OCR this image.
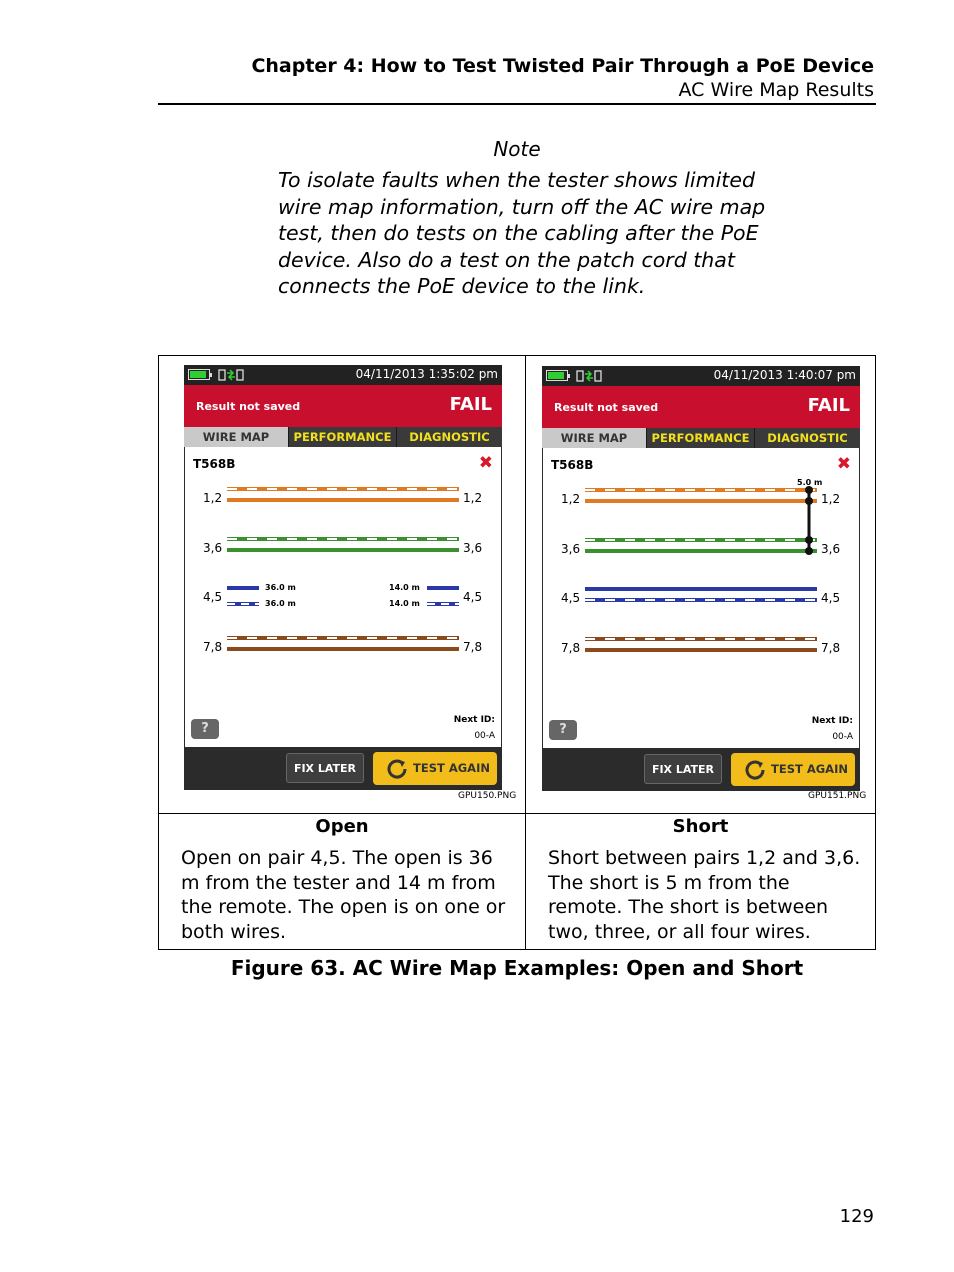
Chapter 4: How to Test Twisted Pair Through a PoE Device
AC Wire Map Results
Note
To isolate faults when the tester shows limited wire map information, turn off the AC wire map test, then do tests on the cabling after the PoE device. Also do a test on the patch cord that connects the PoE device to the link.
04/11/2013 1:35:02 pm
Result not saved	FAIL
WIRE MAP	PERFORMANCE	DIAGNOSTIC
T568B	✖
1,2	1,2
3,6	3,6
4,5	4,5
7,8	7,8
36.0 m
36.0 m
14.0 m
14.0 m
?
Next ID:
00-A
FIX LATER	TEST AGAIN
GPU150.PNG
04/11/2013 1:40:07 pm
Result not saved	FAIL
WIRE MAP	PERFORMANCE	DIAGNOSTIC
T568B	✖
1,2	1,2
3,6	3,6
4,5	4,5
7,8	7,8
5.0 m
?
Next ID:
00-A
FIX LATER	TEST AGAIN
GPU151.PNG
Open
Open on pair 4,5. The open is 36 m from the tester and 14 m from the remote. The open is on one or both wires.
Short
Short between pairs 1,2 and 3,6. The short is 5 m from the remote. The short is between two, three, or all four wires.
Figure 63. AC Wire Map Examples: Open and Short
129
